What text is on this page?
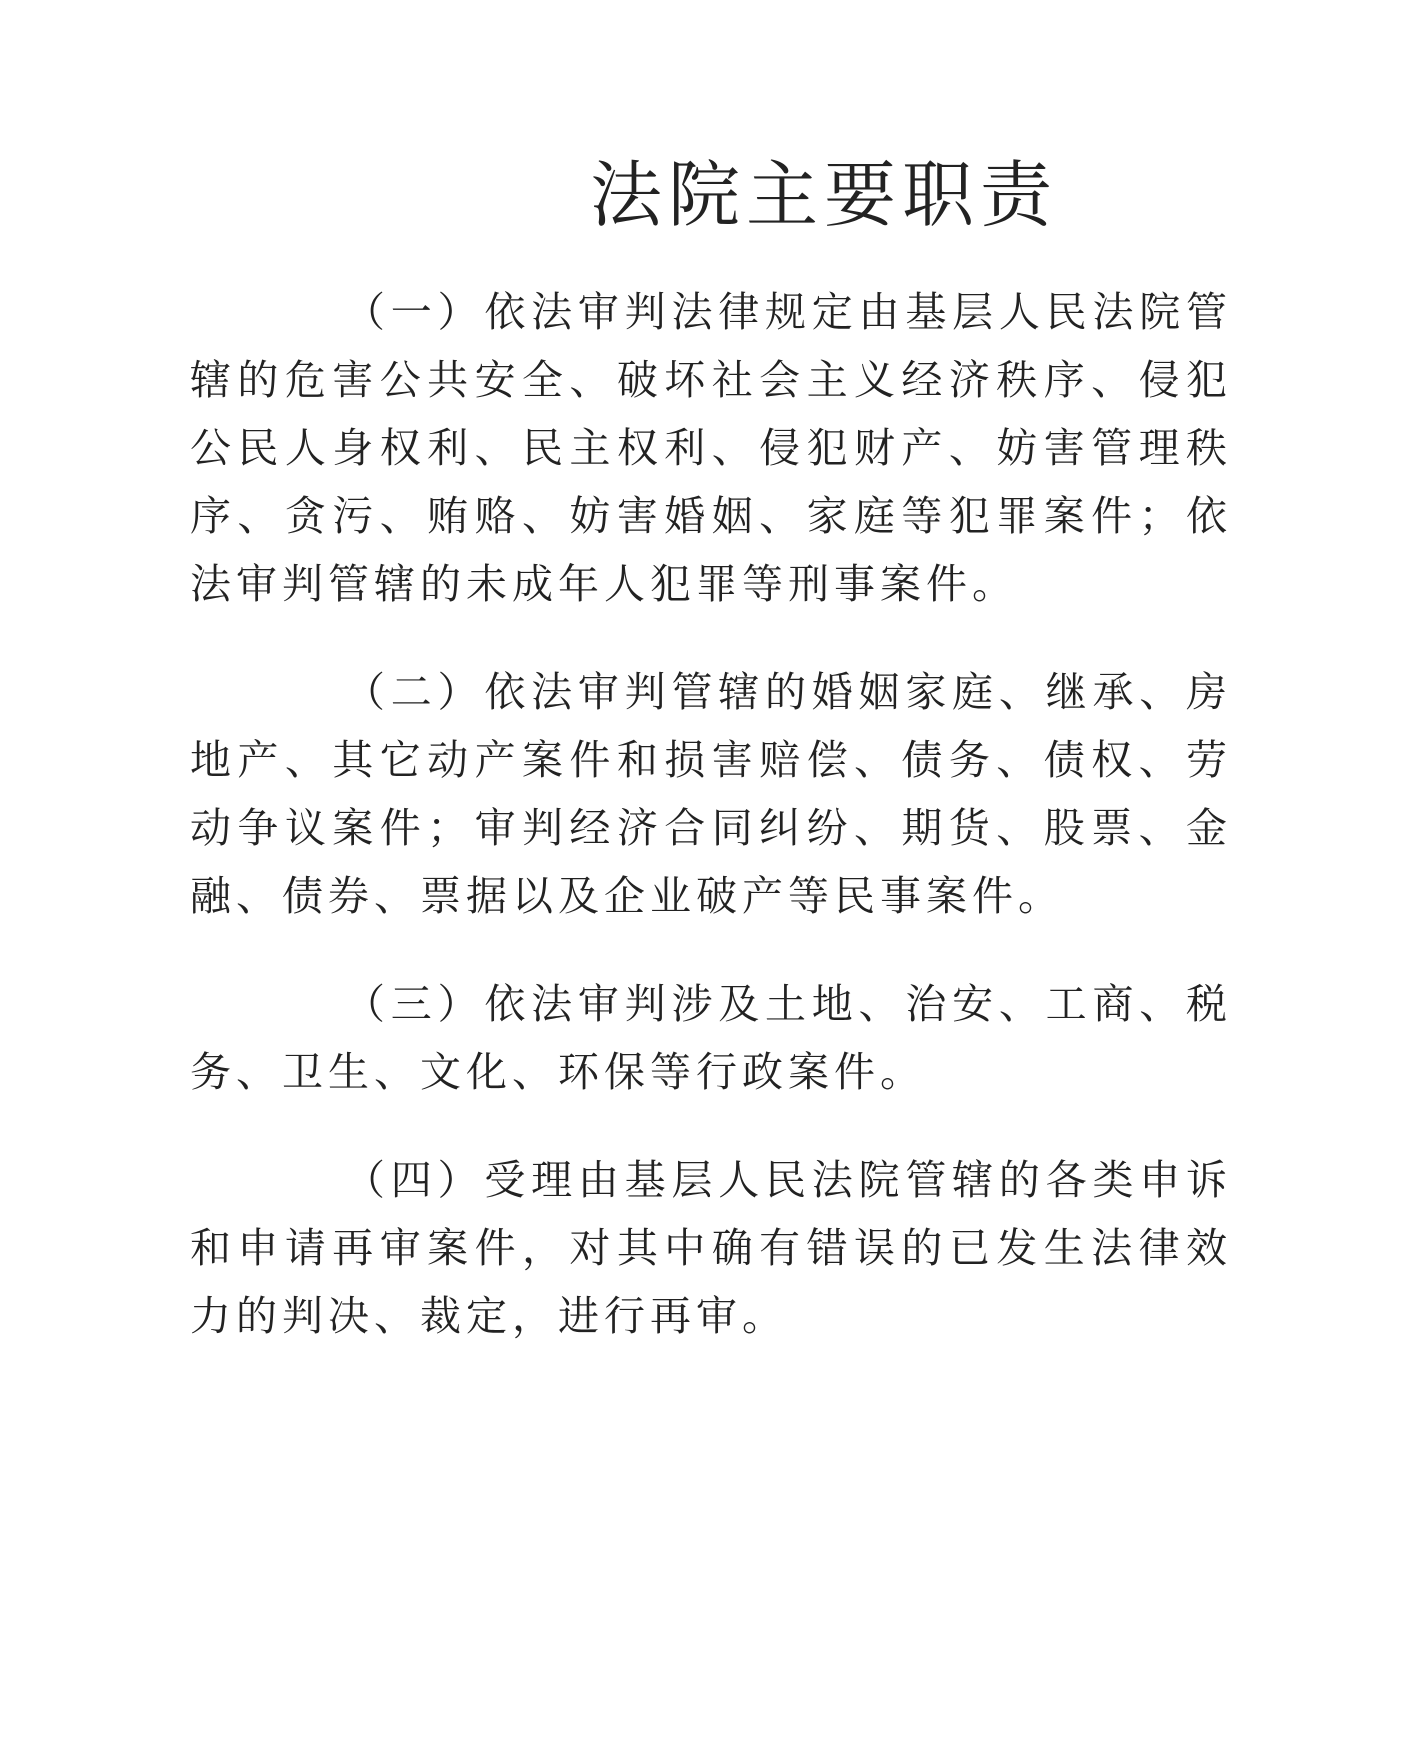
法院主要职责

（一）依法审判法律规定由基层人民法院管辖的危害公共安全、破坏社会主义经济秩序、侵犯公民人身权利、民主权利、侵犯财产、妨害管理秩序、贪污、贿赂、妨害婚姻、家庭等犯罪案件；依法审判管辖的未成年人犯罪等刑事案件。

（二）依法审判管辖的婚姻家庭、继承、房地产、其它动产案件和损害赔偿、债务、债权、劳动争议案件；审判经济合同纠纷、期货、股票、金融、债券、票据以及企业破产等民事案件。

（三）依法审判涉及土地、治安、工商、税务、卫生、文化、环保等行政案件。

（四）受理由基层人民法院管辖的各类申诉和申请再审案件，对其中确有错误的已发生法律效力的判决、裁定，进行再审。
